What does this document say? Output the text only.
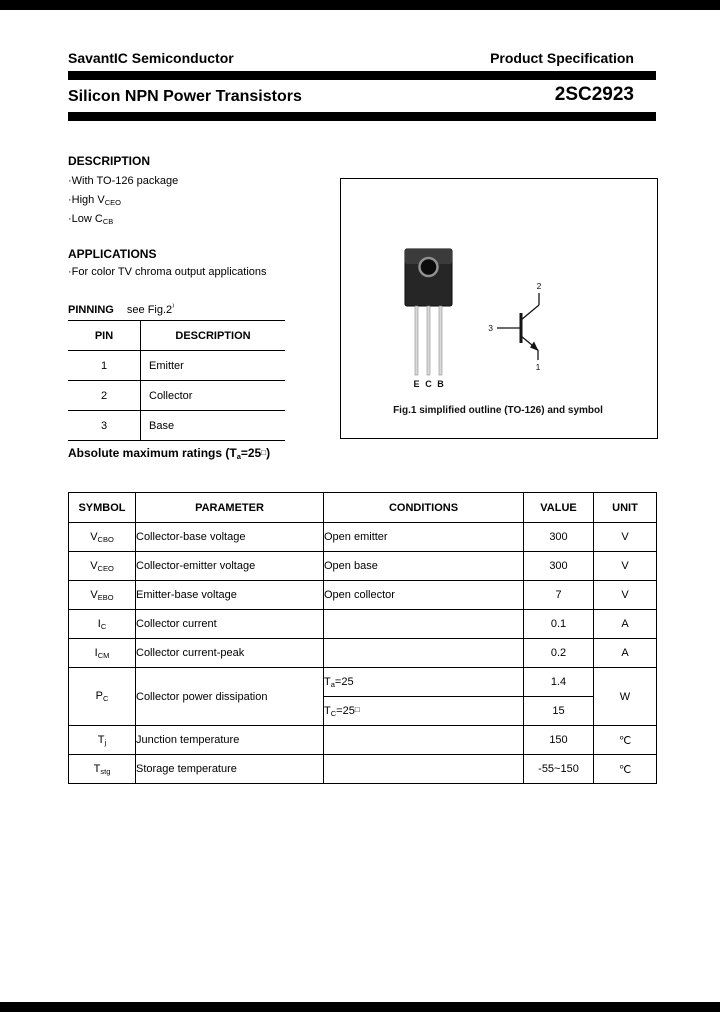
SavantIC Semiconductor	Product Specification
Silicon NPN Power Transistors	2SC2923
DESCRIPTION
·With TO-126 package
·High $V_{CEO}$
·Low $C_{CB}$
APPLICATIONS
·For color TV chroma output applications
PINNING see Fig.2⁾
PIN	DESCRIPTION
1	Emitter
2	Collector
3	Base
E C B
2
3
1
Fig.1 simplified outline (TO-126) and symbol
Absolute maximum ratings $(T_a=25□)$
SYMBOL	PARAMETER	CONDITIONS	VALUE	UNIT
$V_{CBO}$	Collector-base voltage	Open emitter	300	V
$V_{CEO}$	Collector-emitter voltage	Open base	300	V
$V_{EBO}$	Emitter-base voltage	Open collector	7	V
$I_C$	Collector current		0.1	A
$I_{CM}$	Collector current-peak		0.2	A
$P_C$	Collector power dissipation	$T_a=25$	1.4	W
		$T_C=25□$	15	
$T_j$	Junction temperature		150	℃
$T_{stg}$	Storage temperature		-55~150	℃
